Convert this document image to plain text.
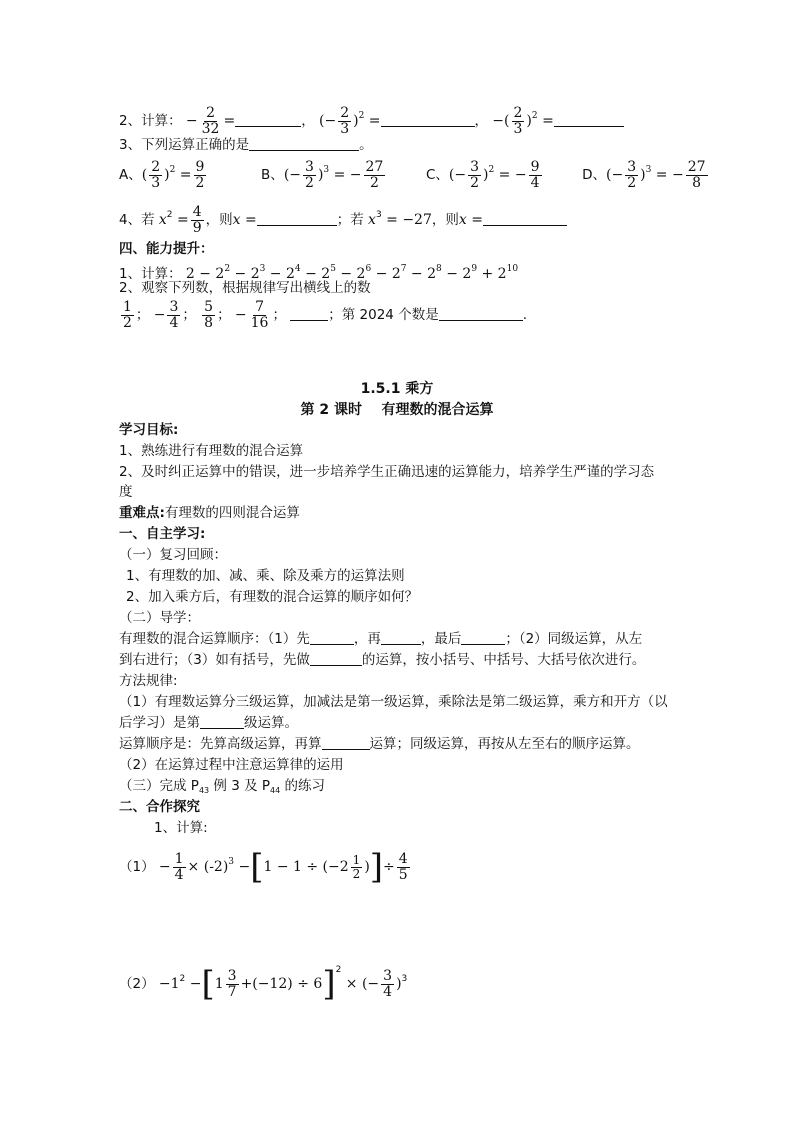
2、计算： − $\frac{2}{32}$ =	， (− $\frac{2}{3} )^2$ =	， −( $\frac{2}{3} )^2$ =
3、下列运算正确的是	。
A、( $\frac{2}{3} )^2 = \frac{9}{2}$	B、(− $\frac{3}{2} )^3$ = − $\frac{27}{2}$	C、(− $\frac{3}{2} )^2$ = − $\frac{9}{4}$	D、(− $\frac{3}{2} )^3$ = − $\frac{27}{8}$
4、若 $x^2 = \frac{4}{9}$ ，则x =	；若 $x^3 = -27$，则x =
四、能力提升：
1、计算： $2 - 2^2 - 2^3 - 2^4 - 2^5 - 2^6 - 2^7 - 2^8 - 2^9 + 2^{10}$
2、观察下列数，根据规律写出横线上的数
$\frac{1}{2}$ ； − $\frac{3}{4}$ ； $\frac{5}{8}$ ； − $\frac{7}{16}$ ；	；第 2024 个数是	.
1.5.1 乘方
第 2 课时    有理数的混合运算
学习目标:
1、熟练进行有理数的混合运算
2、及时纠正运算中的错误，进一步培养学生正确迅速的运算能力，培养学生严谨的学习态
度
重难点:有理数的四则混合运算
一、自主学习:
（一）复习回顾：
1、有理数的加、减、乘、除及乘方的运算法则
2、加入乘方后，有理数的混合运算的顺序如何？
（二）导学：
有理数的混合运算顺序：（1）先	，再	，最后	；（2）同级运算，从左
到右进行；（3）如有括号，先做	的运算，按小括号、中括号、大括号依次进行。
方法规律:
（1）有理数运算分三级运算，加减法是第一级运算，乘除法是第二级运算，乘方和开方（以
后学习）是第	级运算。
运算顺序是：先算高级运算，再算	运算；同级运算，再按从左至右的顺序运算。
（2）在运算过程中注意运算律的运用
（三）完成 $P_{43}$ 例 3 及 $P_{44}$ 的练习
二、合作探究
1、计算:
$(1) - \frac{1}{4} \times (-2)^3 -[1 - 1 \div (-2 \frac{1}{2}$ )]÷ $\frac{4}{5}$
$(2) -1^2 -[1 \frac{3}{7} +(-12) \div 6]^2$ × (− $\frac{3}{4} )^3$
